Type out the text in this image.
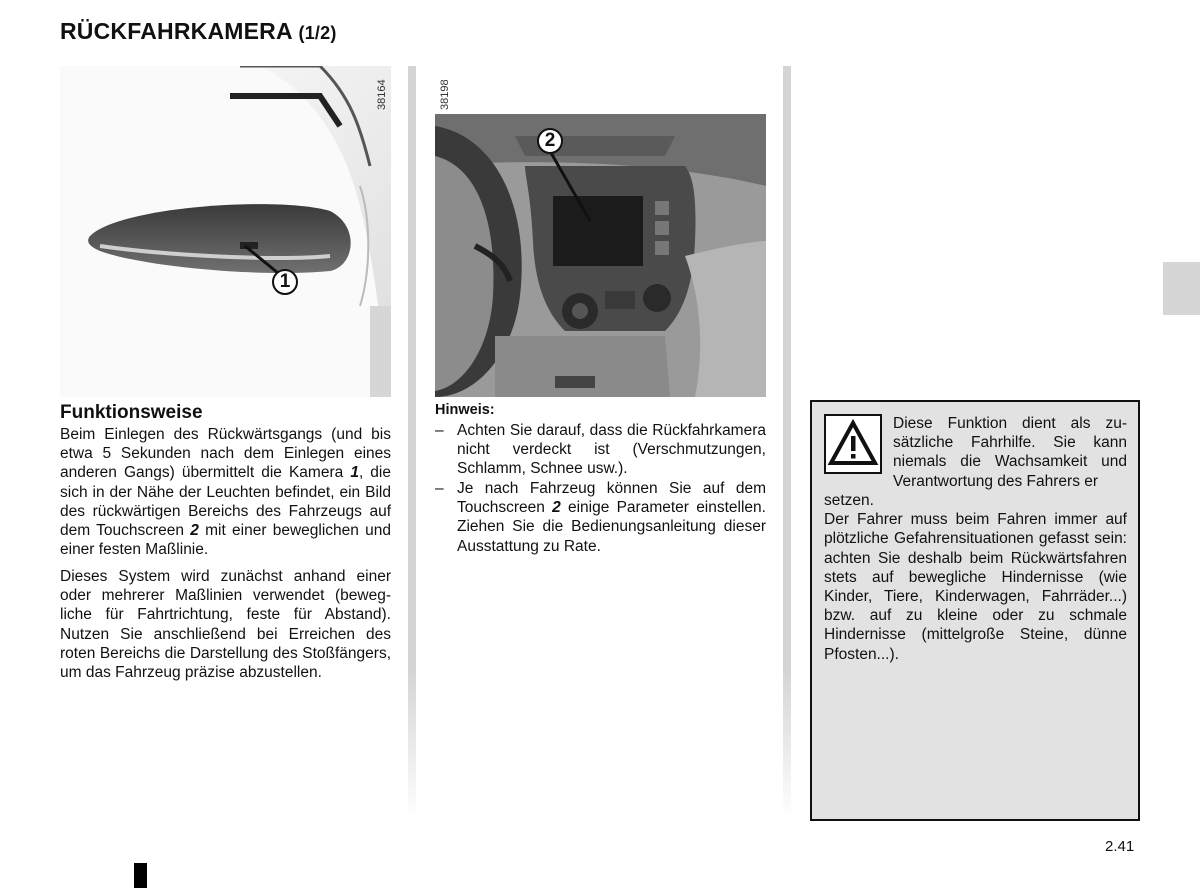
RÜCKFAHRKAMERA (1/2)
38164
1
38198
2
Funktionsweise
Beim Einlegen des Rückwärtsgangs (und bis etwa 5 Sekunden nach dem Einlegen eines anderen Gangs) übermittelt die Kamera 1, die sich in der Nähe der Leuchten befindet, ein Bild des rückwärtigen Bereichs des Fahrzeugs auf dem Touchscreen 2 mit einer beweglichen und einer festen Maßlinie.
Dieses System wird zunächst anhand einer oder mehrerer Maßlinien verwendet (bewegliche für Fahrtrichtung, feste für Abstand). Nutzen Sie anschließend bei Erreichen des roten Bereichs die Darstellung des Stoßfängers, um das Fahrzeug präzise abzustellen.
Hinweis:
– Achten Sie darauf, dass die Rückfahrkamera nicht verdeckt ist (Verschmutzungen, Schlamm, Schnee usw.).
– Je nach Fahrzeug können Sie auf dem Touchscreen 2 einige Parameter einstellen. Ziehen Sie die Bedienungsanleitung dieser Ausstattung zu Rate.
Diese Funktion dient als zusätzliche Fahrhilfe. Sie kann niemals die Wachsamkeit und Verantwortung des Fahrers er
setzen.
Der Fahrer muss beim Fahren immer auf plötzliche Gefahrensituationen gefasst sein: achten Sie deshalb beim Rückwärtsfahren stets auf bewegliche Hindernisse (wie Kinder, Tiere, Kinderwagen, Fahrräder...) bzw. auf zu kleine oder zu schmale Hindernisse (mittelgroße Steine, dünne Pfosten...).
2.41
